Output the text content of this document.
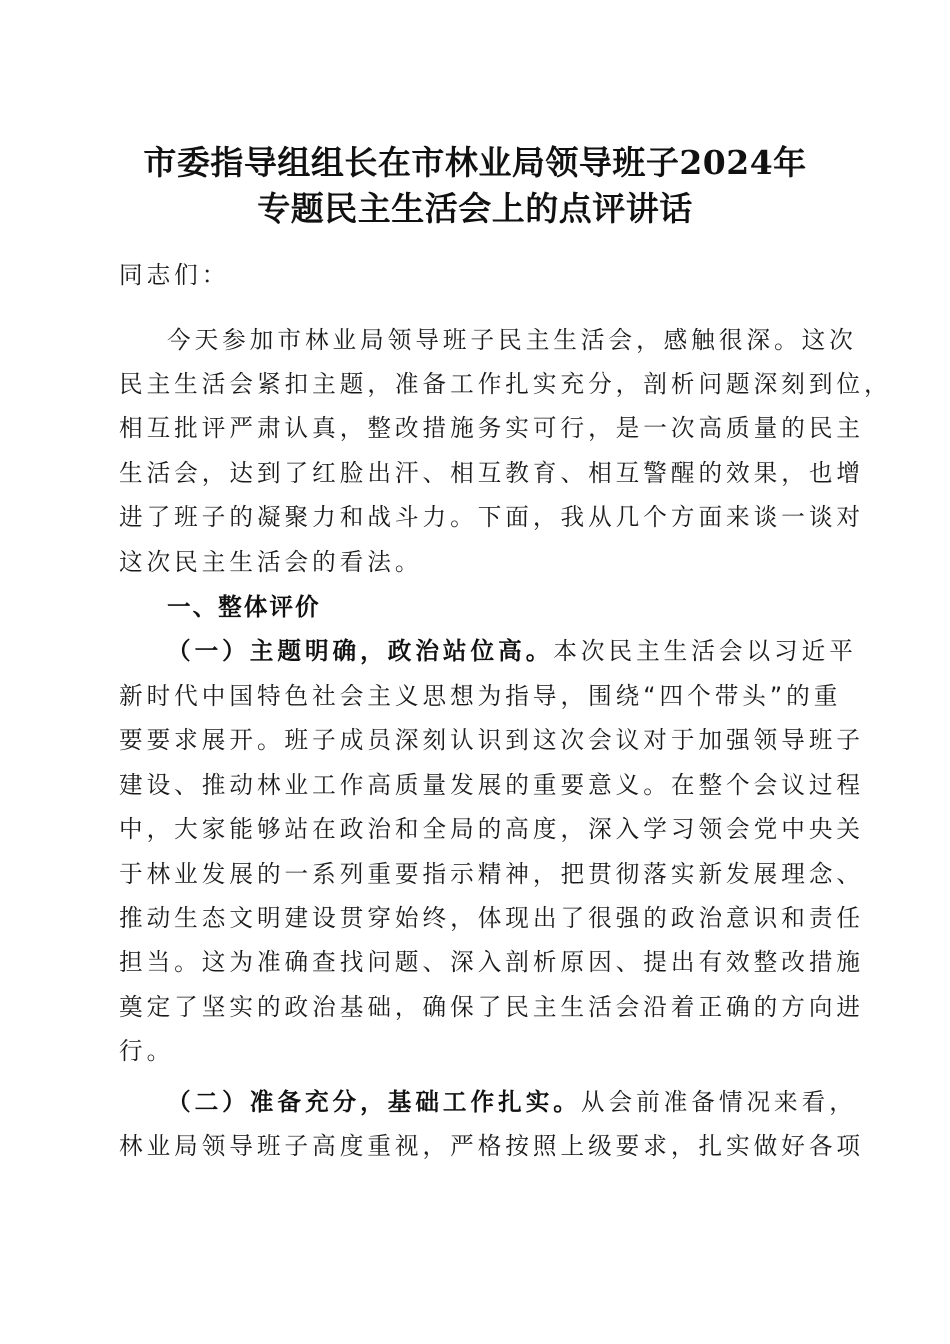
市委指导组组长在市林业局领导班子2024年
专题民主生活会上的点评讲话
同志们：
今天参加市林业局领导班子民主生活会，感触很深。这次
民主生活会紧扣主题，准备工作扎实充分，剖析问题深刻到位，
相互批评严肃认真，整改措施务实可行，是一次高质量的民主
生活会，达到了红脸出汗、相互教育、相互警醒的效果，也增
进了班子的凝聚力和战斗力。下面，我从几个方面来谈一谈对
这次民主生活会的看法。
一、整体评价
（一）主题明确，政治站位高。本次民主生活会以习近平
新时代中国特色社会主义思想为指导，围绕“四个带头”的重
要要求展开。班子成员深刻认识到这次会议对于加强领导班子
建设、推动林业工作高质量发展的重要意义。在整个会议过程
中，大家能够站在政治和全局的高度，深入学习领会党中央关
于林业发展的一系列重要指示精神，把贯彻落实新发展理念、
推动生态文明建设贯穿始终，体现出了很强的政治意识和责任
担当。这为准确查找问题、深入剖析原因、提出有效整改措施
奠定了坚实的政治基础，确保了民主生活会沿着正确的方向进
行。
（二）准备充分，基础工作扎实。从会前准备情况来看，
林业局领导班子高度重视，严格按照上级要求，扎实做好各项
